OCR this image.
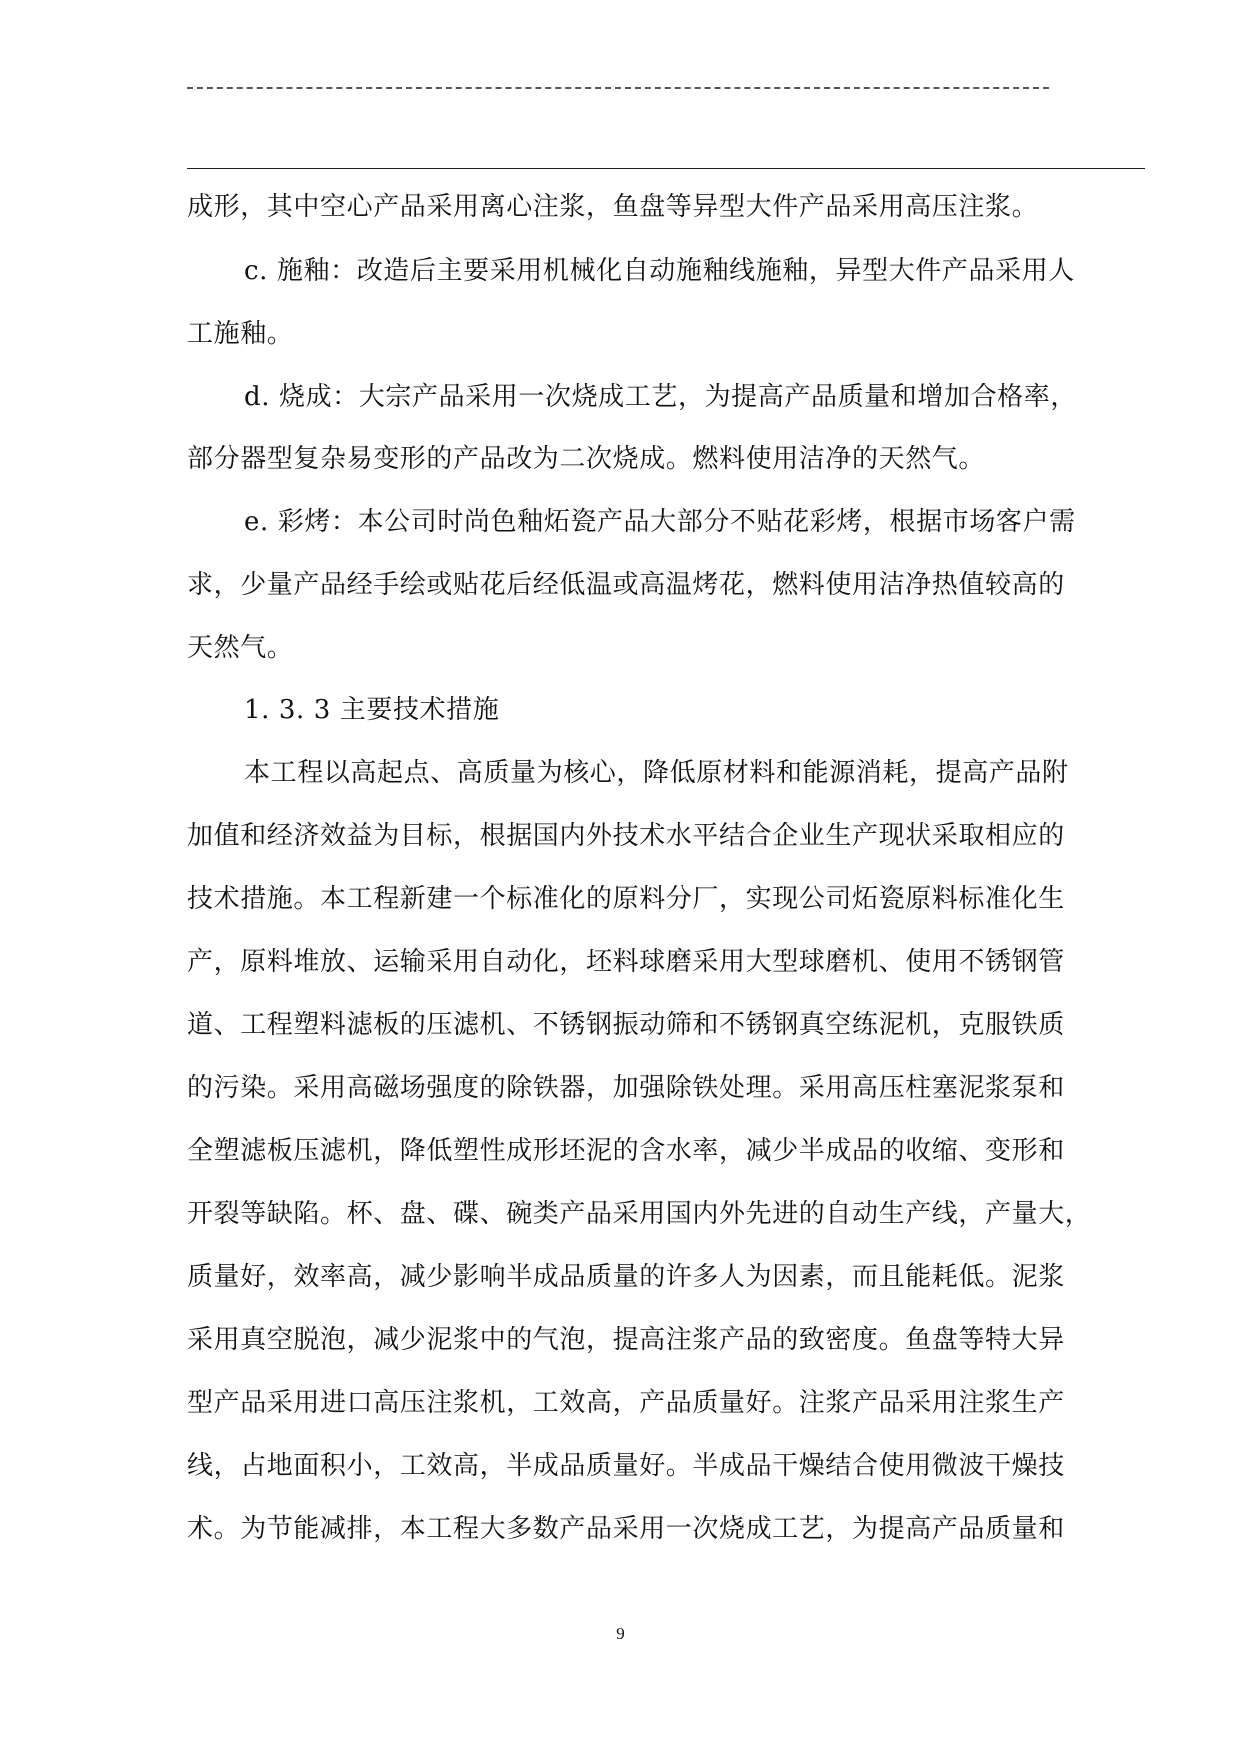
成形，其中空心产品采用离心注浆，鱼盘等异型大件产品采用高压注浆。

c. 施釉：改造后主要采用机械化自动施釉线施釉，异型大件产品采用人

工施釉。

d. 烧成：大宗产品采用一次烧成工艺，为提高产品质量和增加合格率，

部分器型复杂易变形的产品改为二次烧成。燃料使用洁净的天然气。

e. 彩烤：本公司时尚色釉炻瓷产品大部分不贴花彩烤，根据市场客户需

求，少量产品经手绘或贴花后经低温或高温烤花，燃料使用洁净热值较高的

天然气。

1. 3. 3 主要技术措施

本工程以高起点、高质量为核心，降低原材料和能源消耗，提高产品附

加值和经济效益为目标，根据国内外技术水平结合企业生产现状采取相应的

技术措施。本工程新建一个标准化的原料分厂，实现公司炻瓷原料标准化生

产，原料堆放、运输采用自动化，坯料球磨采用大型球磨机、使用不锈钢管

道、工程塑料滤板的压滤机、不锈钢振动筛和不锈钢真空练泥机，克服铁质

的污染。采用高磁场强度的除铁器，加强除铁处理。采用高压柱塞泥浆泵和

全塑滤板压滤机，降低塑性成形坯泥的含水率，减少半成品的收缩、变形和

开裂等缺陷。杯、盘、碟、碗类产品采用国内外先进的自动生产线，产量大，

质量好，效率高，减少影响半成品质量的许多人为因素，而且能耗低。泥浆

采用真空脱泡，减少泥浆中的气泡，提高注浆产品的致密度。鱼盘等特大异

型产品采用进口高压注浆机，工效高，产品质量好。注浆产品采用注浆生产

线，占地面积小，工效高，半成品质量好。半成品干燥结合使用微波干燥技

术。为节能减排，本工程大多数产品采用一次烧成工艺，为提高产品质量和

9
